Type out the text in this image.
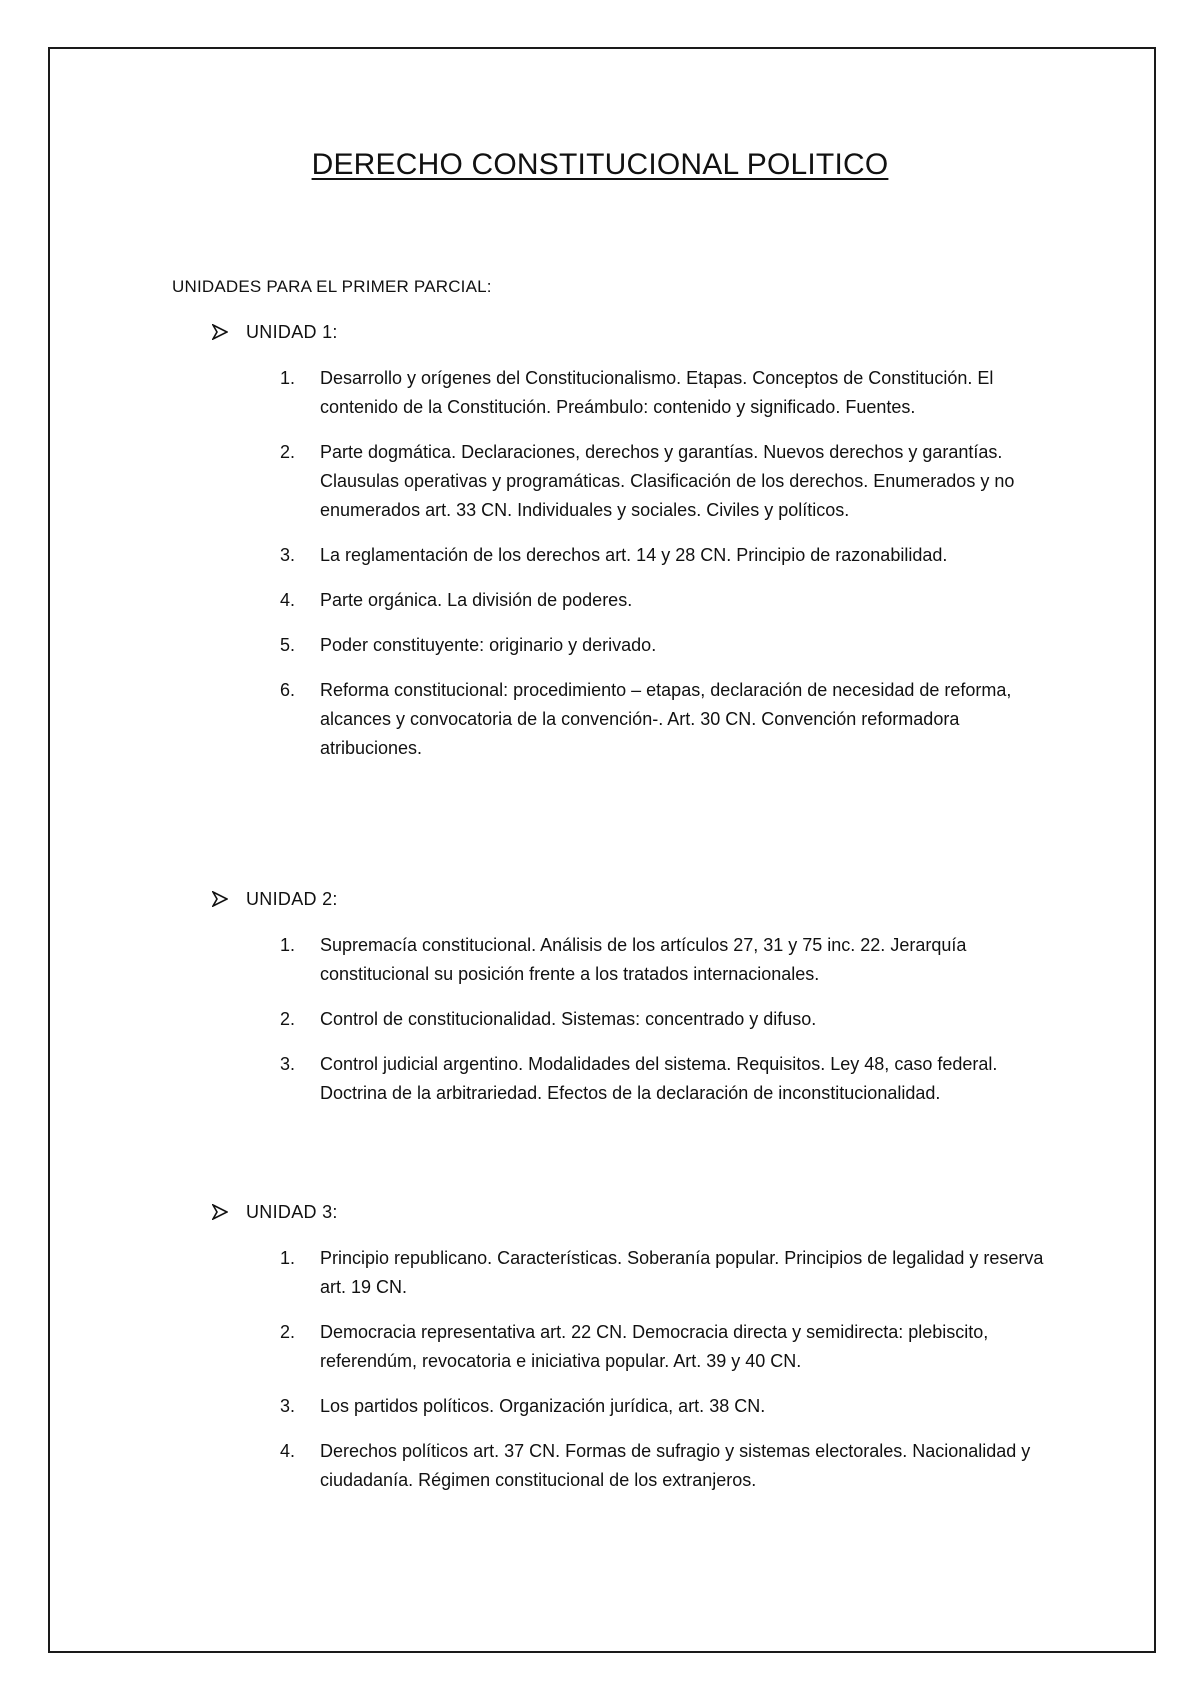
DERECHO CONSTITUCIONAL POLITICO
UNIDADES PARA EL PRIMER PARCIAL:
UNIDAD 1:
1.	Desarrollo y orígenes del Constitucionalismo. Etapas. Conceptos de Constitución. El contenido de la Constitución. Preámbulo: contenido y significado. Fuentes.
2.	Parte dogmática. Declaraciones, derechos y garantías. Nuevos derechos y garantías. Clausulas operativas y programáticas. Clasificación de los derechos. Enumerados y no enumerados art. 33 CN. Individuales y sociales. Civiles y políticos.
3.	La reglamentación de los derechos art. 14 y 28 CN. Principio de razonabilidad.
4.	Parte orgánica. La división de poderes.
5.	Poder constituyente: originario y derivado.
6.	Reforma constitucional: procedimiento – etapas, declaración de necesidad de reforma, alcances y convocatoria de la convención-. Art. 30 CN. Convención reformadora atribuciones.
UNIDAD 2:
1.	Supremacía constitucional. Análisis de los artículos 27, 31 y 75 inc. 22. Jerarquía constitucional su posición frente a los tratados internacionales.
2.	Control de constitucionalidad. Sistemas: concentrado y difuso.
3.	Control judicial argentino. Modalidades del sistema. Requisitos. Ley 48, caso federal. Doctrina de la arbitrariedad. Efectos de la declaración de inconstitucionalidad.
UNIDAD 3:
1.	Principio republicano. Características. Soberanía popular. Principios de legalidad y reserva art. 19 CN.
2.	Democracia representativa art. 22 CN. Democracia directa y semidirecta: plebiscito, referendúm, revocatoria e iniciativa popular. Art. 39 y 40 CN.
3.	Los partidos políticos. Organización jurídica, art. 38 CN.
4.	Derechos políticos art. 37 CN. Formas de sufragio y sistemas electorales. Nacionalidad y ciudadanía. Régimen constitucional de los extranjeros.
